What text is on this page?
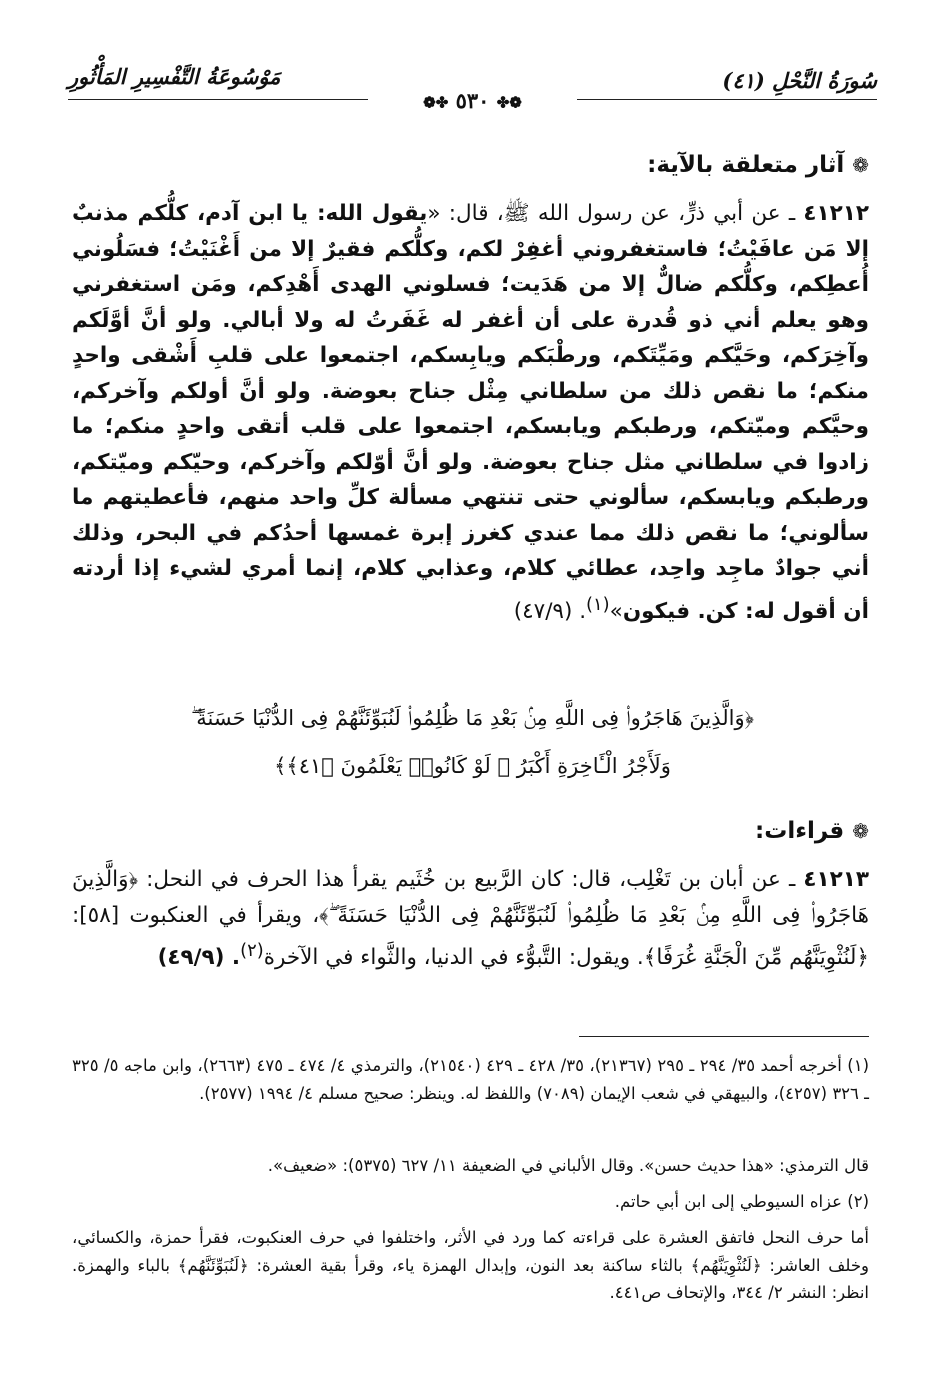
سُورَةُ النَّحْلِ (٤١)
❁✤ ٥٣٠ ✤❁
مَوْسُوعَةُ التَّفْسِيرِ المَأْثُورِ
❁آثار متعلقة بالآية:
٤١٢١٢ ـ عن أبي ذرٍّ، عن رسول الله ﷺ، قال: «يقول الله: يا ابن آدم، كلُّكم مذنبٌ إلا مَن عافَيْتُ؛ فاستغفروني أغفِرْ لكم، وكلُّكم فقيرٌ إلا من أَغْنَيْتُ؛ فسَلُوني أُعطِكم، وكلُّكم ضالٌّ إلا من هَدَيت؛ فسلوني الهدى أَهْدِكم، ومَن استغفرني وهو يعلم أني ذو قُدرة على أن أغفر له غَفَرتُ له ولا أبالي. ولو أنَّ أوَّلَكم وآخِرَكم، وحَيَّكم ومَيِّتَكم، ورطْبَكم ويابِسكم، اجتمعوا على قلبِ أَشْقى واحدٍ منكم؛ ما نقص ذلك من سلطاني مِثْل جناح بعوضة. ولو أنَّ أولكم وآخركم، وحيَّكم وميّتكم، ورطبكم ويابسكم، اجتمعوا على قلب أتقى واحدٍ منكم؛ ما زادوا في سلطاني مثل جناح بعوضة. ولو أنَّ أوّلكم وآخركم، وحيّكم وميّتكم، ورطبكم ويابسكم، سألوني حتى تنتهي مسألة كلِّ واحد منهم، فأعطيتهم ما سألوني؛ ما نقص ذلك مما عندي كغرز إبرة غمسها أحدُكم في البحر، وذلك أني جوادٌ ماجِد واحِد، عطائي كلام، وعذابي كلام، إنما أمري لشيء إذا أردته أن أقول له: كن. فيكون»$^{(١)}$. (٤٧/٩)
﴿وَالَّذِينَ هَاجَرُوا۟ فِى اللَّهِ مِنۢ بَعْدِ مَا ظُلِمُوا۟ لَنُبَوِّئَنَّهُمْ فِى الدُّنْيَا حَسَنَةً ۖ
وَلَأَجْرُ الْـَٔاخِرَةِ أَكْبَرُ ۚ لَوْ كَانُوا۟ يَعْلَمُونَ ﴿٤١﴾﴾
❁قراءات:
٤١٢١٣ ـ عن أبان بن تَغْلِب، قال: كان الرَّبيع بن خُثَيم يقرأ هذا الحرف في النحل: ﴿وَالَّذِينَ هَاجَرُوا۟ فِى اللَّهِ مِنۢ بَعْدِ مَا ظُلِمُوا۟ لَنُبَوِّئَنَّهُمْ فِى الدُّنْيَا حَسَنَةً ۖ﴾، ويقرأ في العنكبوت [٥٨]: ﴿لَنُثْوِيَنَّهُم مِّنَ الْجَنَّةِ غُرَفًا﴾. ويقول: التَّبوُّء في الدنيا، والثَّواء في الآخرة$^{(٢)}$. (٤٩/٩)
(١) أخرجه أحمد ٣٥/ ٢٩٤ ـ ٢٩٥ (٢١٣٦٧)، ٣٥/ ٤٢٨ ـ ٤٢٩ (٢١٥٤٠)، والترمذي ٤/ ٤٧٤ ـ ٤٧٥ (٢٦٦٣)، وابن ماجه ٥/ ٣٢٥ ـ ٣٢٦ (٤٢٥٧)، والبيهقي في شعب الإيمان (٧٠٨٩) واللفظ له. وينظر: صحيح مسلم ٤/ ١٩٩٤ (٢٥٧٧).
قال الترمذي: «هذا حديث حسن». وقال الألباني في الضعيفة ١١/ ٦٢٧ (٥٣٧٥): «ضعيف».
(٢) عزاه السيوطي إلى ابن أبي حاتم.
أما حرف النحل فاتفق العشرة على قراءته كما ورد في الأثر، واختلفوا في حرف العنكبوت، فقرأ حمزة، والكسائي، وخلف العاشر: ﴿لَنُثْوِيَنَّهُم﴾ بالثاء ساكنة بعد النون، وإبدال الهمزة ياء، وقرأ بقية العشرة: ﴿لَنُبَوِّئَنَّهُم﴾ بالباء والهمزة. انظر: النشر ٢/ ٣٤٤، والإتحاف ص٤٤١.
